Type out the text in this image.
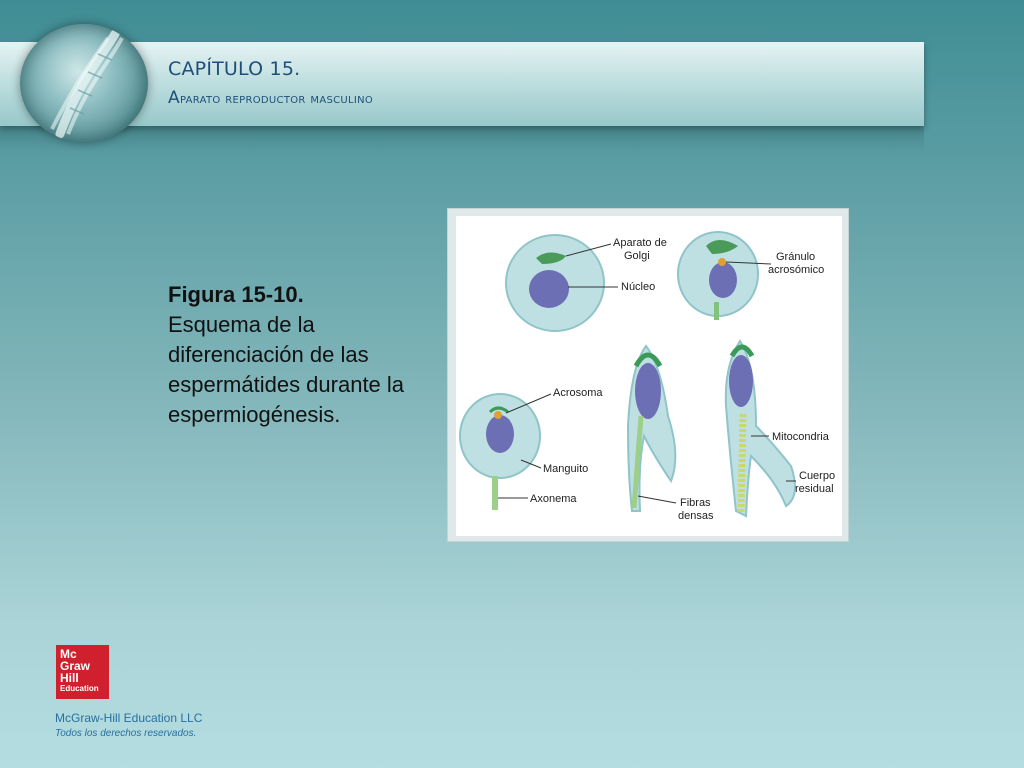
CAPÍTULO 15.
Aparato reproductor masculino
Figura 15-10.
Esquema de la diferenciación de las espermátides durante la espermiogénesis.
Aparato de Golgi
Núcleo
Gránulo acrosómico
Acrosoma
Manguito
Axonema	Fibras densas
Mitocondria
Cuerpo residual
Mc
Graw
Hill
Education
McGraw-Hill Education LLC
Todos los derechos reservados.
